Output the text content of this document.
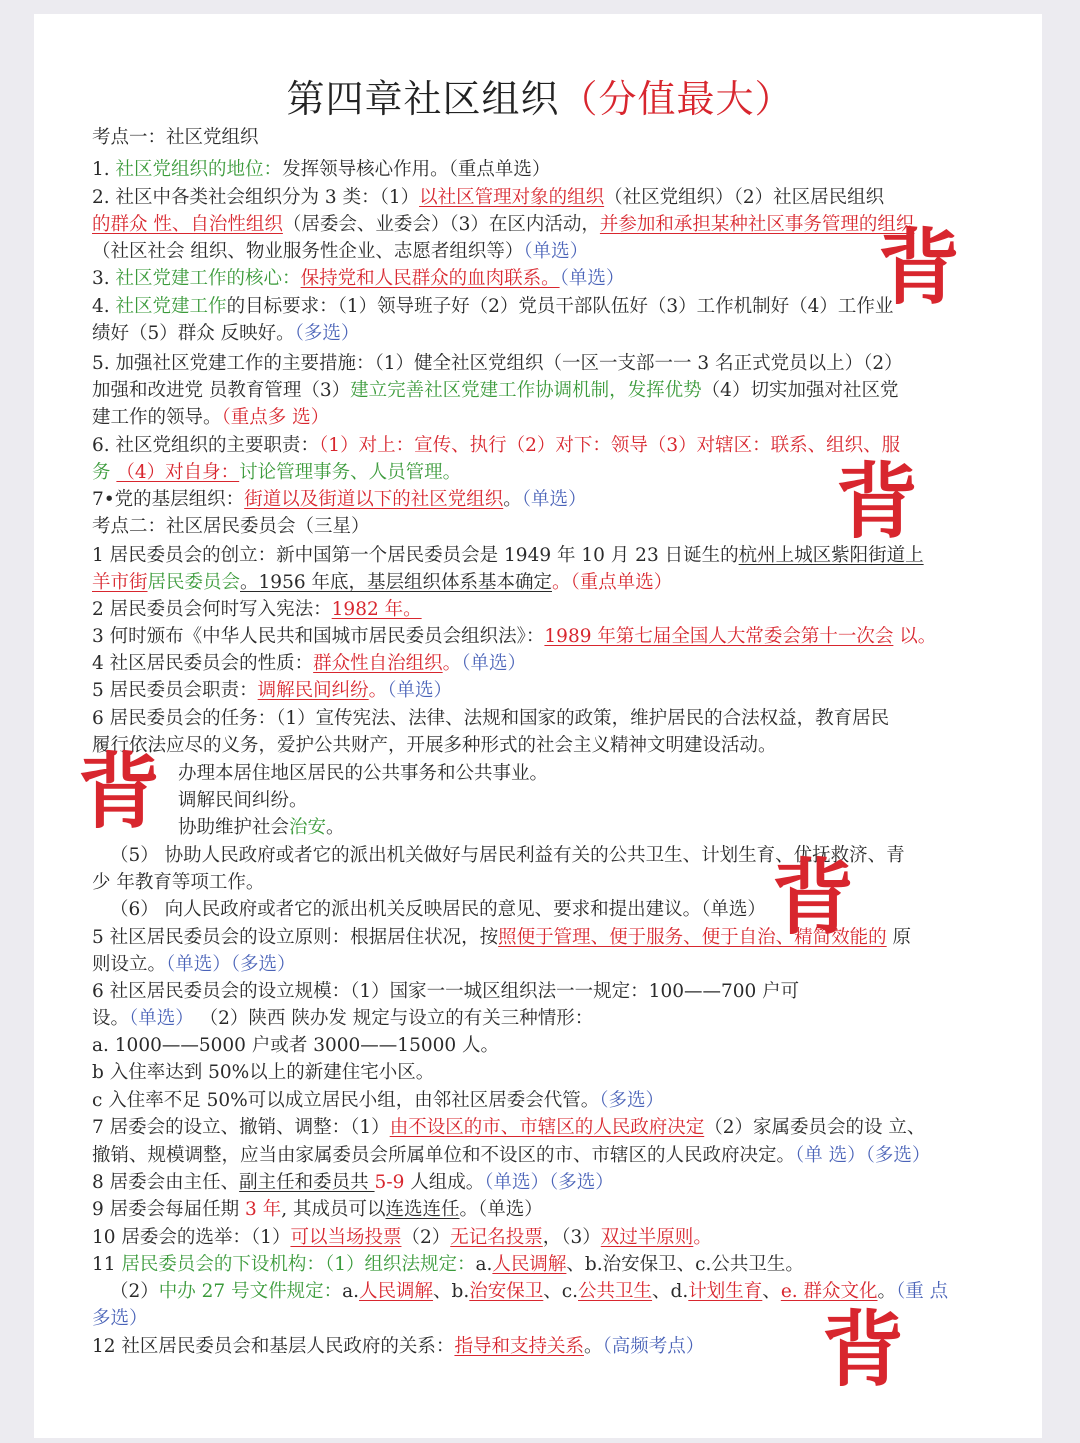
第四章社区组织（分值最大）
考点一：社区党组织
1. 社区党组织的地位：发挥领导核心作用。（重点单选）
2. 社区中各类社会组织分为 3 类：（1）以社区管理对象的组织（社区党组织）（2）社区居民组织
的群众 性、自治性组织（居委会、业委会）（3）在区内活动，并参加和承担某种社区事务管理的组织
（社区社会 组织、物业服务性企业、志愿者组织等）（单选）
3. 社区党建工作的核心：保持党和人民群众的血肉联系。（单选）
4. 社区党建工作的目标要求：（1）领导班子好（2）党员干部队伍好（3）工作机制好（4）工作业
绩好（5）群众 反映好。（多选）
5. 加强社区党建工作的主要措施：（1）健全社区党组织（一区一支部一一 3 名正式党员以上）（2）
加强和改进党 员教育管理（3）建立完善社区党建工作协调机制，发挥优势（4）切实加强对社区党
建工作的领导。（重点多 选）
6. 社区党组织的主要职责：（1）对上：宣传、执行（2）对下：领导（3）对辖区：联系、组织、服
务 （4）对自身：讨论管理事务、人员管理。
7•党的基层组织：街道以及街道以下的社区党组织。（单选）
考点二：社区居民委员会（三星）
1 居民委员会的创立：新中国第一个居民委员会是 1949 年 10 月 23 日诞生的杭州上城区紫阳街道上
羊市街居民委员会。1956 年底，基层组织体系基本确定。（重点单选）
2 居民委员会何时写入宪法：1982 年。
3 何时颁布《中华人民共和国城市居民委员会组织法》：1989 年第七届全国人大常委会第十一次会 以。
4 社区居民委员会的性质：群众性自治组织。（单选）
5 居民委员会职责：调解民间纠纷。（单选）
6 居民委员会的任务：（1）宣传宪法、法律、法规和国家的政策，维护居民的合法权益，教育居民
履行依法应尽的义务，爱护公共财产，开展多种形式的社会主义精神文明建设活动。
办理本居住地区居民的公共事务和公共事业。
调解民间纠纷。
协助维护社会治安。
（5） 协助人民政府或者它的派出机关做好与居民利益有关的公共卫生、计划生育、优抚救济、青
少 年教育等项工作。
（6） 向人民政府或者它的派出机关反映居民的意见、要求和提出建议。（单选）
5 社区居民委员会的设立原则：根据居住状况，按照便于管理、便于服务、便于自治、精简效能的 原
则设立。（单选）（多选）
6 社区居民委员会的设立规模：（1）国家一一城区组织法一一规定：100——700 户可
设。（单选） （2）陕西 陕办发 规定与设立的有关三种情形：
a. 1000——5000 户或者 3000——15000 人。
b 入住率达到 50%以上的新建住宅小区。
c 入住率不足 50%可以成立居民小组，由邻社区居委会代管。（多选）
7 居委会的设立、撤销、调整：（1）由不设区的市、市辖区的人民政府决定（2）家属委员会的设 立、
撤销、规模调整，应当由家属委员会所属单位和不设区的市、市辖区的人民政府决定。（单 选）（多选）
8 居委会由主任、副主任和委员共 5-9 人组成。（单选）（多选）
9 居委会每届任期 3 年, 其成员可以连选连任。（单选）
10 居委会的选举：（1）可以当场投票（2）无记名投票，（3）双过半原则。
11 居民委员会的下设机构：（1）组织法规定：a.人民调解、b.治安保卫、c.公共卫生。
（2）中办 27 号文件规定：a.人民调解、b.治安保卫、c.公共卫生、d.计划生育、e. 群众文化。（重 点
多选）
12 社区居民委员会和基层人民政府的关系：指导和支持关系。（高频考点）
背
背
背
背
背
